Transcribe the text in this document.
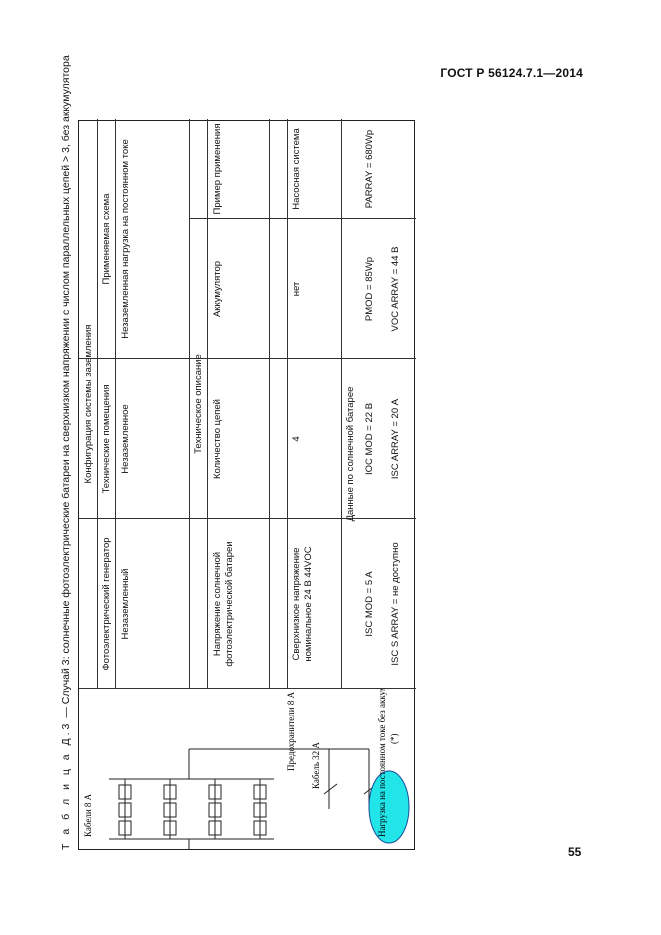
ГОСТ Р 56124.7.1—2014
Т а б л и ц а Д.3 — Случай 3: солнечные фотоэлектрические батареи на сверхнизком напряжении с числом параллельных цепей > 3, без аккумулятора
Кабели 8 А
Предохранители 8 А Кабель 32 А
(*)
Нагрузка на постоянном токе без аккумулятора
Конфигурация системы заземления
Фотоэлектрический генератор
Технические помещения
Применяемая схема
Незаземленный
Незаземленное
Незаземленная нагрузка на постоянном токе
Техническое описание
Напряжение солнечной фотоэлектрической батареи
Количество цепей
Аккумулятор
Пример применения
Сверхнизкое напряжение номинальное 24 В 44VOC
4
нет
Насосная система
Данные по солнечной батарее
ISC MOD = 5 A
IOC MOD = 22 В
PMOD = 85Wp
ISC S ARRAY = не доступно
ISC ARRAY = 20 А
VOC ARRAY = 44 В
PARRAY = 680Wp
55
